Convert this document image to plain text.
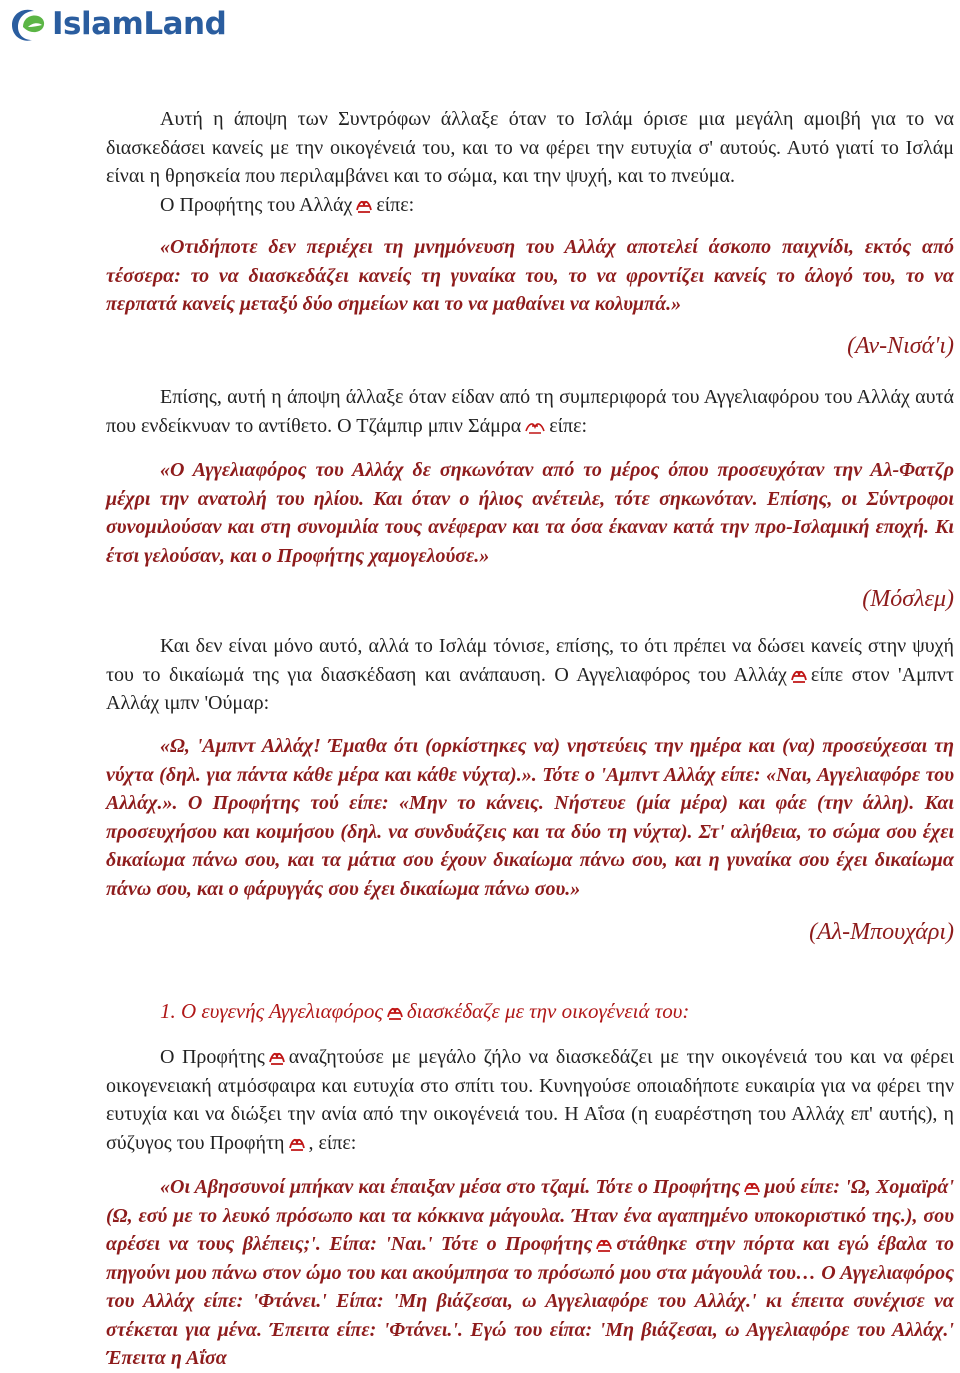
IslamLand

Αυτή η άποψη των Συντρόφων άλλαξε όταν το Ισλάμ όρισε μια μεγάλη αμοιβή για το να διασκεδάσει κανείς με την οικογένειά του, και το να φέρει την ευτυχία σ' αυτούς. Αυτό γιατί το Ισλάμ είναι η θρησκεία που περιλαμβάνει και το σώμα, και την ψυχή, και το πνεύμα.

Ο Προφήτης του Αλλάχ είπε:

«Οτιδήποτε δεν περιέχει τη μνημόνευση του Αλλάχ αποτελεί άσκοπο παιχνίδι, εκτός από τέσσερα: το να διασκεδάζει κανείς τη γυναίκα του, το να φροντίζει κανείς το άλογό του, το να περπατά κανείς μεταξύ δύο σημείων και το να μαθαίνει να κολυμπά.»

(Αν-Νισά'ι)

Επίσης, αυτή η άποψη άλλαξε όταν είδαν από τη συμπεριφορά του Αγγελιαφόρου του Αλλάχ αυτά που ενδείκνυαν το αντίθετο. Ο Τζάμπιρ μπιν Σάμρα είπε:

«Ο Αγγελιαφόρος του Αλλάχ δε σηκωνόταν από το μέρος όπου προσευχόταν την Αλ-Φατζρ μέχρι την ανατολή του ηλίου. Και όταν ο ήλιος ανέτειλε, τότε σηκωνόταν. Επίσης, οι Σύντροφοι συνομιλούσαν και στη συνομιλία τους ανέφεραν και τα όσα έκαναν κατά την προ-Ισλαμική εποχή. Κι έτσι γελούσαν, και ο Προφήτης χαμογελούσε.»

(Μόσλεμ)

Και δεν είναι μόνο αυτό, αλλά το Ισλάμ τόνισε, επίσης, το ότι πρέπει να δώσει κανείς στην ψυχή του το δικαίωμά της για διασκέδαση και ανάπαυση. Ο Αγγελιαφόρος του Αλλάχ είπε στον 'Αμπντ Αλλάχ ιμπν 'Ούμαρ:

«Ω, 'Αμπντ Αλλάχ! Έμαθα ότι (ορκίστηκες να) νηστεύεις την ημέρα και (να) προσεύχεσαι τη νύχτα (δηλ. για πάντα κάθε μέρα και κάθε νύχτα).». Τότε ο 'Αμπντ Αλλάχ είπε: «Ναι, Αγγελιαφόρε του Αλλάχ.». Ο Προφήτης τού είπε: «Μην το κάνεις. Νήστευε (μία μέρα) και φάε (την άλλη). Και προσευχήσου και κοιμήσου (δηλ. να συνδυάζεις και τα δύο τη νύχτα). Στ' αλήθεια, το σώμα σου έχει δικαίωμα πάνω σου, και τα μάτια σου έχουν δικαίωμα πάνω σου, και η γυναίκα σου έχει δικαίωμα πάνω σου, και ο φάρυγγάς σου έχει δικαίωμα πάνω σου.»

(Αλ-Μπουχάρι)

1. Ο ευγενής Αγγελιαφόρος διασκέδαζε με την οικογένειά του:

Ο Προφήτης αναζητούσε με μεγάλο ζήλο να διασκεδάζει με την οικογένειά του και να φέρει οικογενειακή ατμόσφαιρα και ευτυχία στο σπίτι του. Κυνηγούσε οποιαδήποτε ευκαιρία για να φέρει την ευτυχία και να διώξει την ανία από την οικογένειά του. Η Αΐσα (η ευαρέστηση του Αλλάχ επ' αυτής), η σύζυγος του Προφήτη , είπε:

«Οι Αβησσυνοί μπήκαν και έπαιξαν μέσα στο τζαμί. Τότε ο Προφήτης μού είπε: 'Ω, Χομαϊρά' (Ω, εσύ με το λευκό πρόσωπο και τα κόκκινα μάγουλα. Ήταν ένα αγαπημένο υποκοριστικό της.), σου αρέσει να τους βλέπεις;'. Είπα: 'Ναι.' Τότε ο Προφήτης στάθηκε στην πόρτα και εγώ έβαλα το πηγούνι μου πάνω στον ώμο του και ακούμπησα το πρόσωπό μου στα μάγουλά του… Ο Αγγελιαφόρος του Αλλάχ είπε: 'Φτάνει.' Είπα: 'Μη βιάζεσαι, ω Αγγελιαφόρε του Αλλάχ.' κι έπειτα συνέχισε να στέκεται για μένα. Έπειτα είπε: 'Φτάνει.'. Εγώ του είπα: 'Μη βιάζεσαι, ω Αγγελιαφόρε του Αλλάχ.' Έπειτα η Αΐσα
